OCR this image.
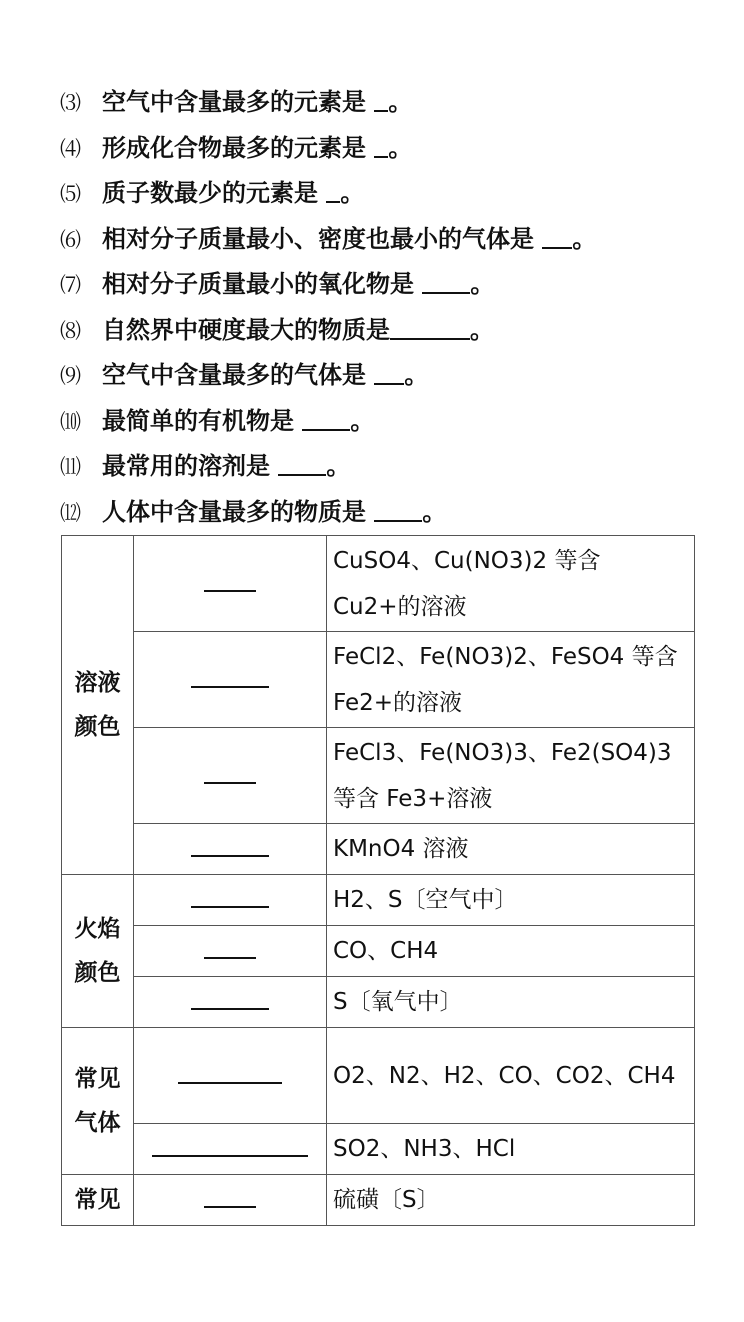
⑶ 空气中含量最多的元素是 。
⑷ 形成化合物最多的元素是 。
⑸ 质子数最少的元素是 。
⑹ 相对分子质量最小、密度也最小的气体是 。
⑺ 相对分子质量最小的氧化物是 。
⑻ 自然界中硬度最大的物质是	。
⑼ 空气中含量最多的气体是 。
⑽ 最简单的有机物是 。
⑾ 最常用的溶剂是 。
⑿ 人体中含量最多的物质是 。
溶液颜色		CuSO4、Cu(NO3)2 等含 Cu2+的溶液
		FeCl2、Fe(NO3)2、FeSO4 等含 Fe2+的溶液
		FeCl3、Fe(NO3)3、Fe2(SO4)3 等含 Fe3+溶液
		KMnO4 溶液
火焰颜色		H2、S〔空气中〕
		CO、CH4
		S〔氧气中〕
常见气体		O2、N2、H2、CO、CO2、CH4
		SO2、NH3、HCl
常见		硫磺〔S〕
